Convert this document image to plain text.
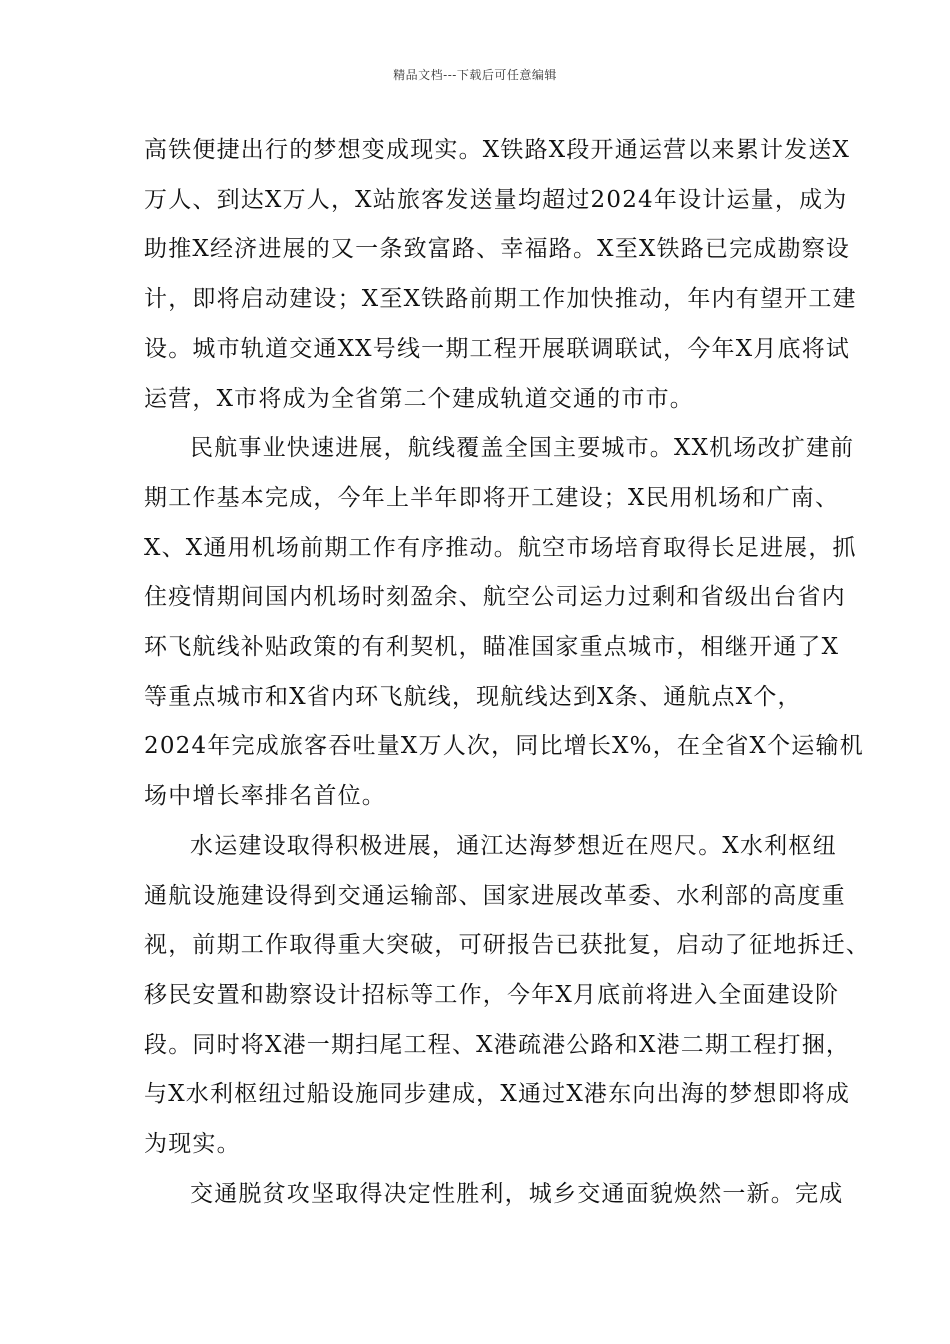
精品文档---下载后可任意编辑

高铁便捷出行的梦想变成现实。X铁路X段开通运营以来累计发送X
万人、到达X万人，X站旅客发送量均超过2024年设计运量，成为
助推X经济进展的又一条致富路、幸福路。X至X铁路已完成勘察设
计，即将启动建设；X至X铁路前期工作加快推动，年内有望开工建
设。城市轨道交通XX号线一期工程开展联调联试，今年X月底将试
运营，X市将成为全省第二个建成轨道交通的市市。

民航事业快速进展，航线覆盖全国主要城市。XX机场改扩建前
期工作基本完成，今年上半年即将开工建设；X民用机场和广南、
X、X通用机场前期工作有序推动。航空市场培育取得长足进展，抓
住疫情期间国内机场时刻盈余、航空公司运力过剩和省级出台省内
环飞航线补贴政策的有利契机，瞄准国家重点城市，相继开通了X
等重点城市和X省内环飞航线，现航线达到X条、通航点X个，
2024年完成旅客吞吐量X万人次，同比增长X%，在全省X个运输机
场中增长率排名首位。

水运建设取得积极进展，通江达海梦想近在咫尺。X水利枢纽
通航设施建设得到交通运输部、国家进展改革委、水利部的高度重
视，前期工作取得重大突破，可研报告已获批复，启动了征地拆迁、
移民安置和勘察设计招标等工作，今年X月底前将进入全面建设阶
段。同时将X港一期扫尾工程、X港疏港公路和X港二期工程打捆，
与X水利枢纽过船设施同步建成，X通过X港东向出海的梦想即将成
为现实。

交通脱贫攻坚取得决定性胜利，城乡交通面貌焕然一新。完成
